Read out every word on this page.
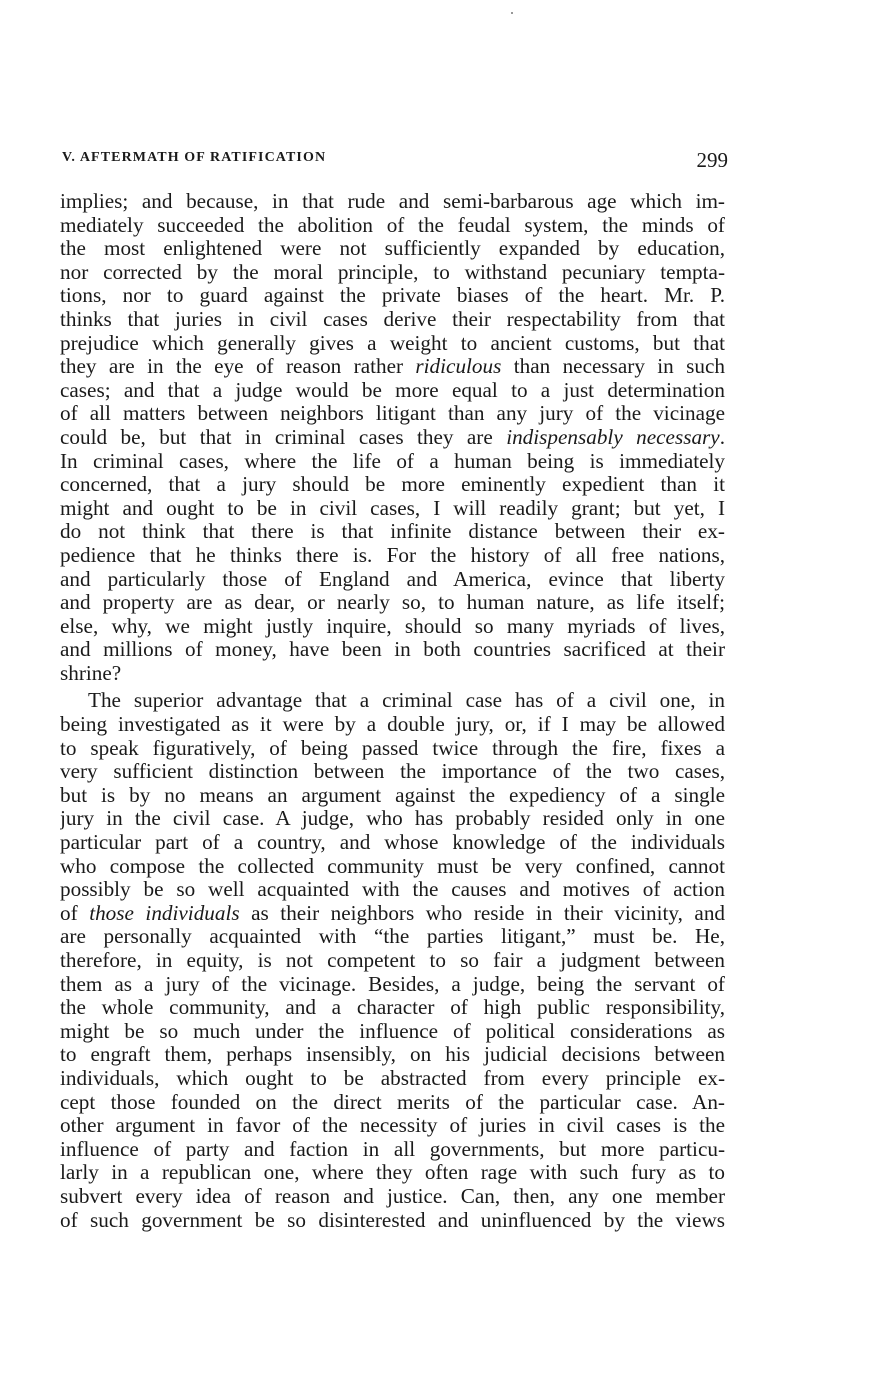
V. AFTERMATH OF RATIFICATION	299
implies; and because, in that rude and semi-barbarous age which im-
mediately succeeded the abolition of the feudal system, the minds of
the most enlightened were not sufficiently expanded by education,
nor corrected by the moral principle, to withstand pecuniary tempta-
tions, nor to guard against the private biases of the heart. Mr. P.
thinks that juries in civil cases derive their respectability from that
prejudice which generally gives a weight to ancient customs, but that
they are in the eye of reason rather ridiculous than necessary in such
cases; and that a judge would be more equal to a just determination
of all matters between neighbors litigant than any jury of the vicinage
could be, but that in criminal cases they are indispensably necessary.
In criminal cases, where the life of a human being is immediately
concerned, that a jury should be more eminently expedient than it
might and ought to be in civil cases, I will readily grant; but yet, I
do not think that there is that infinite distance between their ex-
pedience that he thinks there is. For the history of all free nations,
and particularly those of England and America, evince that liberty
and property are as dear, or nearly so, to human nature, as life itself;
else, why, we might justly inquire, should so many myriads of lives,
and millions of money, have been in both countries sacrificed at their
shrine?
The superior advantage that a criminal case has of a civil one, in
being investigated as it were by a double jury, or, if I may be allowed
to speak figuratively, of being passed twice through the fire, fixes a
very sufficient distinction between the importance of the two cases,
but is by no means an argument against the expediency of a single
jury in the civil case. A judge, who has probably resided only in one
particular part of a country, and whose knowledge of the individuals
who compose the collected community must be very confined, cannot
possibly be so well acquainted with the causes and motives of action
of those individuals as their neighbors who reside in their vicinity, and
are personally acquainted with “the parties litigant,” must be. He,
therefore, in equity, is not competent to so fair a judgment between
them as a jury of the vicinage. Besides, a judge, being the servant of
the whole community, and a character of high public responsibility,
might be so much under the influence of political considerations as
to engraft them, perhaps insensibly, on his judicial decisions between
individuals, which ought to be abstracted from every principle ex-
cept those founded on the direct merits of the particular case. An-
other argument in favor of the necessity of juries in civil cases is the
influence of party and faction in all governments, but more particu-
larly in a republican one, where they often rage with such fury as to
subvert every idea of reason and justice. Can, then, any one member
of such government be so disinterested and uninfluenced by the views
